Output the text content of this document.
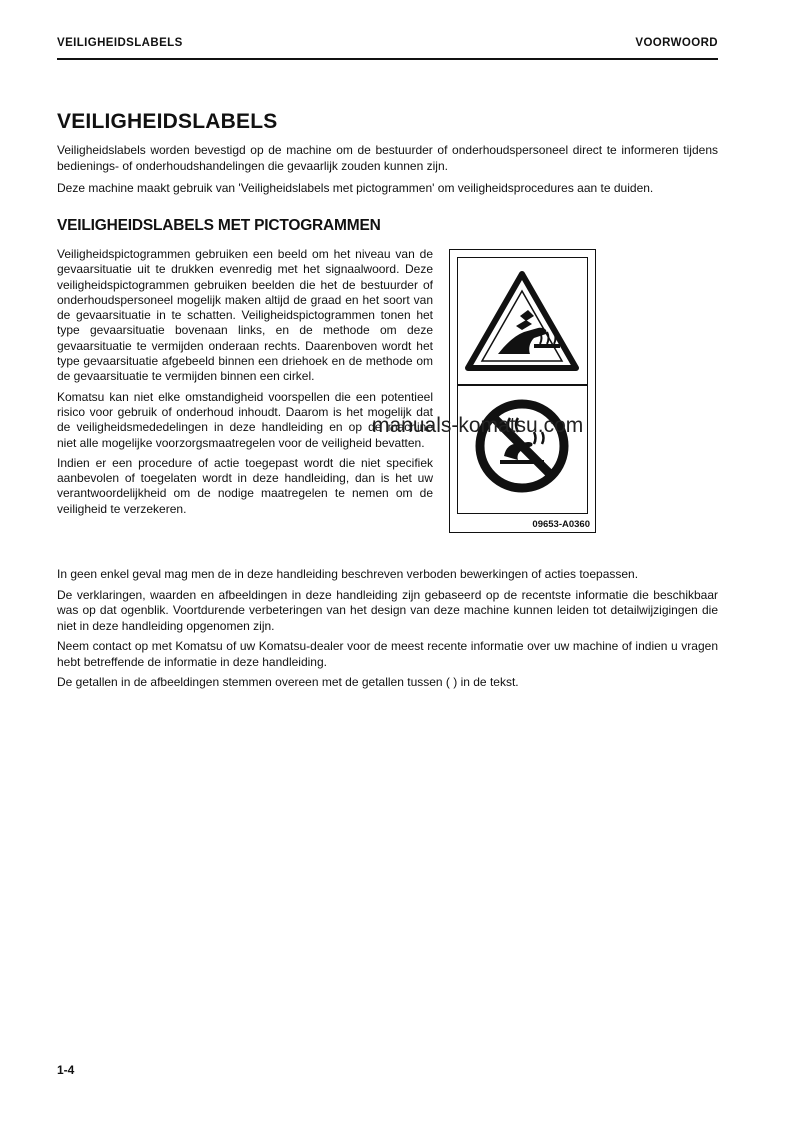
VEILIGHEIDSLABELS	VOORWOORD
VEILIGHEIDSLABELS

Veiligheidslabels worden bevestigd op de machine om de bestuurder of onderhoudspersoneel direct te informeren tijdens bedienings- of onderhoudshandelingen die gevaarlijk zouden kunnen zijn.

Deze machine maakt gebruik van 'Veiligheidslabels met pictogrammen' om veiligheidsprocedures aan te duiden.

VEILIGHEIDSLABELS MET PICTOGRAMMEN

Veiligheidspictogrammen gebruiken een beeld om het niveau van de gevaarsituatie uit te drukken evenredig met het signaalwoord. Deze veiligheidspictogrammen gebruiken beelden die het de bestuurder of onderhoudspersoneel mogelijk maken altijd de graad en het soort van de gevaarsituatie in te schatten. Veiligheidspictogrammen tonen het type gevaarsituatie bovenaan links, en de methode om deze gevaarsituatie te vermijden onderaan rechts. Daarenboven wordt het type gevaarsituatie afgebeeld binnen een driehoek en de methode om de gevaarsituatie te vermijden binnen een cirkel.

Komatsu kan niet elke omstandigheid voorspellen die een potentieel risico voor gebruik of onderhoud inhoudt. Daarom is het mogelijk dat de veiligheidsmededelingen in deze handleiding en op de machine niet alle mogelijke voorzorgsmaatregelen voor de veiligheid bevatten.

Indien er een procedure of actie toegepast wordt die niet specifiek aanbevolen of toegelaten wordt in deze handleiding, dan is het uw verantwoordelijkheid om de nodige maatregelen te nemen om de veiligheid te verzekeren.

09653-A0360

In geen enkel geval mag men de in deze handleiding beschreven verboden bewerkingen of acties toepassen.

De verklaringen, waarden en afbeeldingen in deze handleiding zijn gebaseerd op de recentste informatie die beschikbaar was op dat ogenblik. Voortdurende verbeteringen van het design van deze machine kunnen leiden tot detailwijzigingen die niet in deze handleiding opgenomen zijn.

Neem contact op met Komatsu of uw Komatsu-dealer voor de meest recente informatie over uw machine of indien u vragen hebt betreffende de informatie in deze handleiding.

De getallen in de afbeeldingen stemmen overeen met de getallen tussen ( ) in de tekst.

manuals-komatsu.com
1-4
